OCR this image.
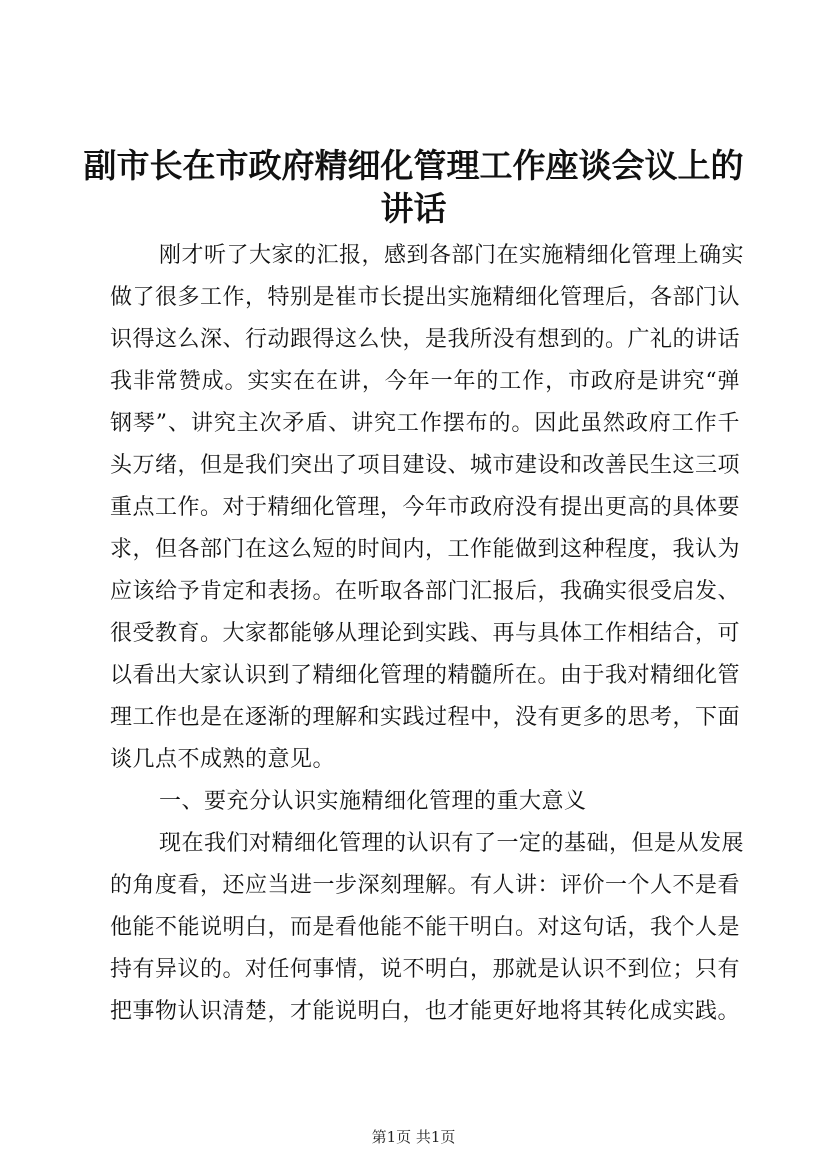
副市长在市政府精细化管理工作座谈会议上的
讲话

刚才听了大家的汇报，感到各部门在实施精细化管理上确实

做了很多工作，特别是崔市长提出实施精细化管理后，各部门认

识得这么深、行动跟得这么快，是我所没有想到的。广礼的讲话

我非常赞成。实实在在讲，今年一年的工作，市政府是讲究“弹

钢琴”、讲究主次矛盾、讲究工作摆布的。因此虽然政府工作千

头万绪，但是我们突出了项目建设、城市建设和改善民生这三项

重点工作。对于精细化管理，今年市政府没有提出更高的具体要

求，但各部门在这么短的时间内，工作能做到这种程度，我认为

应该给予肯定和表扬。在听取各部门汇报后，我确实很受启发、

很受教育。大家都能够从理论到实践、再与具体工作相结合，可

以看出大家认识到了精细化管理的精髓所在。由于我对精细化管

理工作也是在逐渐的理解和实践过程中，没有更多的思考，下面

谈几点不成熟的意见。

一、要充分认识实施精细化管理的重大意义

现在我们对精细化管理的认识有了一定的基础，但是从发展

的角度看，还应当进一步深刻理解。有人讲：评价一个人不是看

他能不能说明白，而是看他能不能干明白。对这句话，我个人是

持有异议的。对任何事情，说不明白，那就是认识不到位；只有

把事物认识清楚，才能说明白，也才能更好地将其转化成实践。

第1页 共1页
